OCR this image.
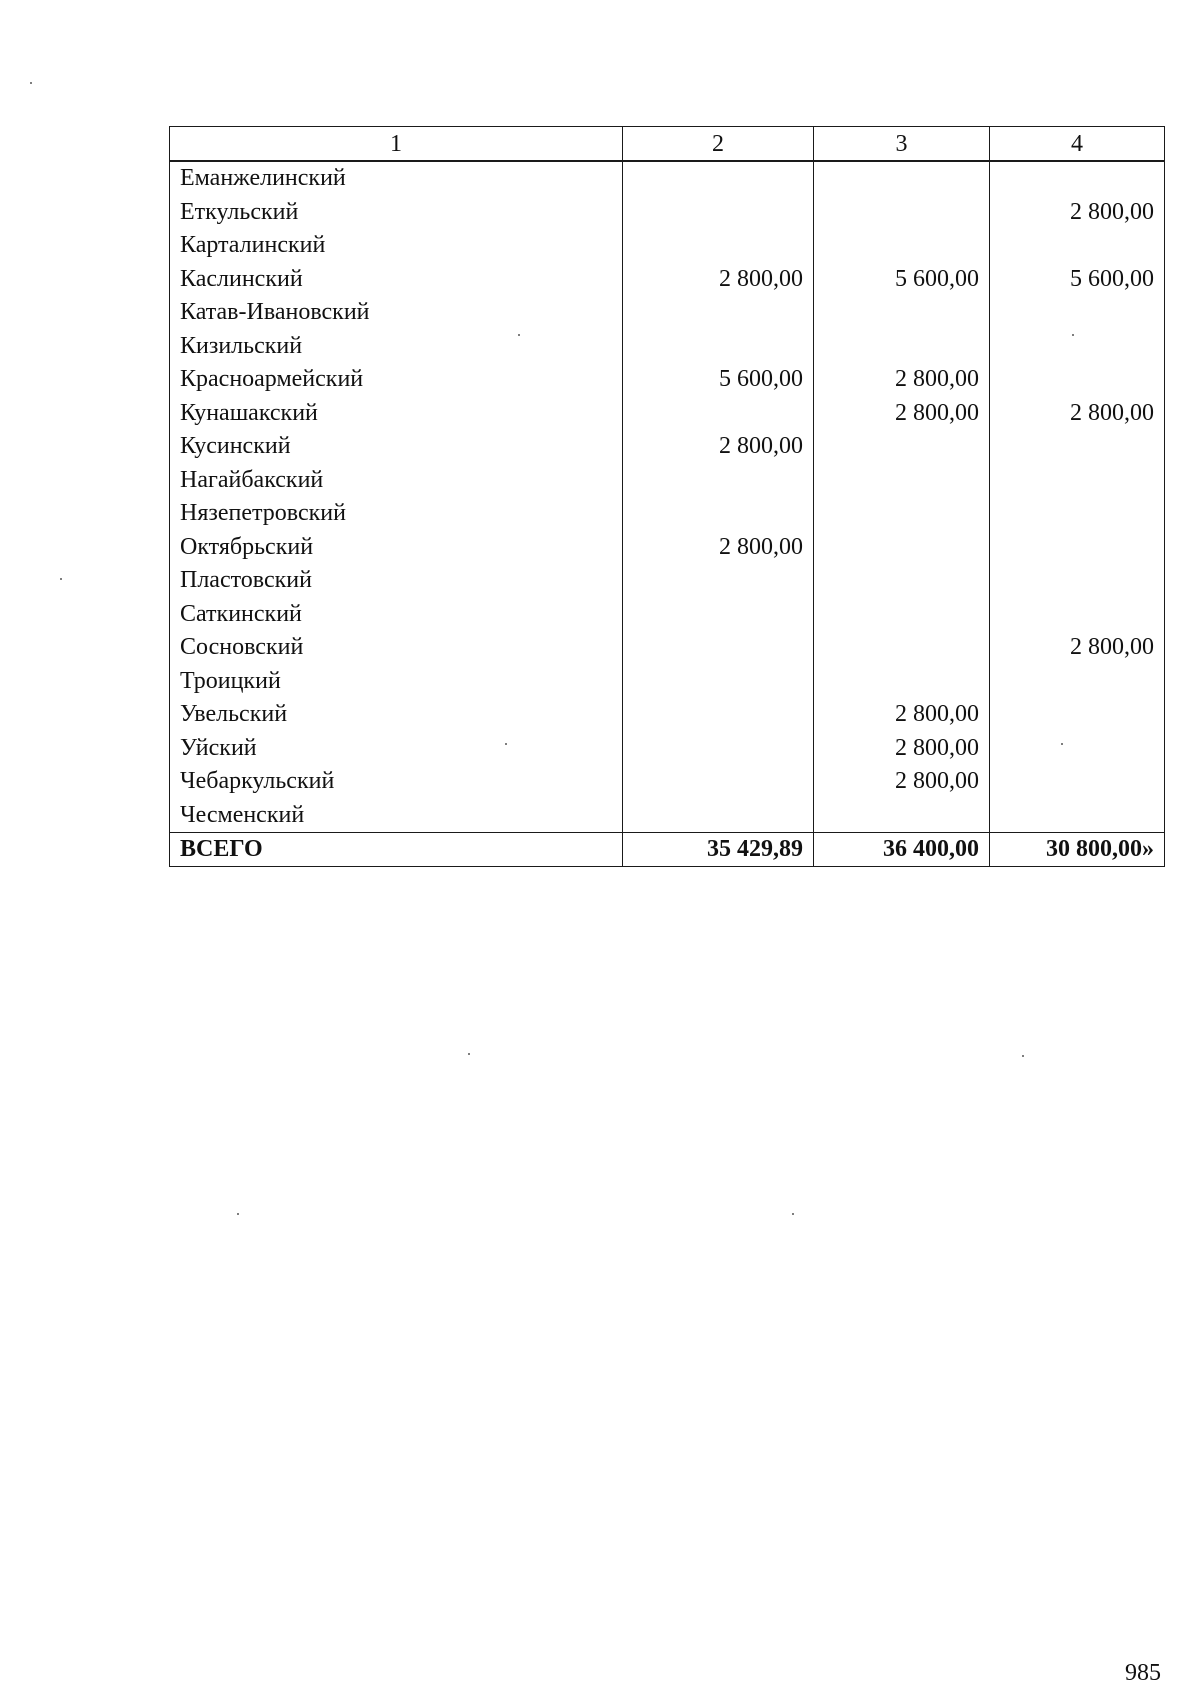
1	2	3	4
Еманжелинский			
Еткульский			2 800,00
Карталинский			
Каслинский	2 800,00	5 600,00	5 600,00
Катав-Ивановский			
Кизильский			
Красноармейский	5 600,00	2 800,00	
Кунашакский		2 800,00	2 800,00
Кусинский	2 800,00		
Нагайбакский			
Нязепетровский			
Октябрьский	2 800,00		
Пластовский			
Саткинский			
Сосновский			2 800,00
Троицкий			
Увельский		2 800,00	
Уйский		2 800,00	
Чебаркульский		2 800,00	
Чесменский			
ВСЕГО	35 429,89	36 400,00	30 800,00»
985
